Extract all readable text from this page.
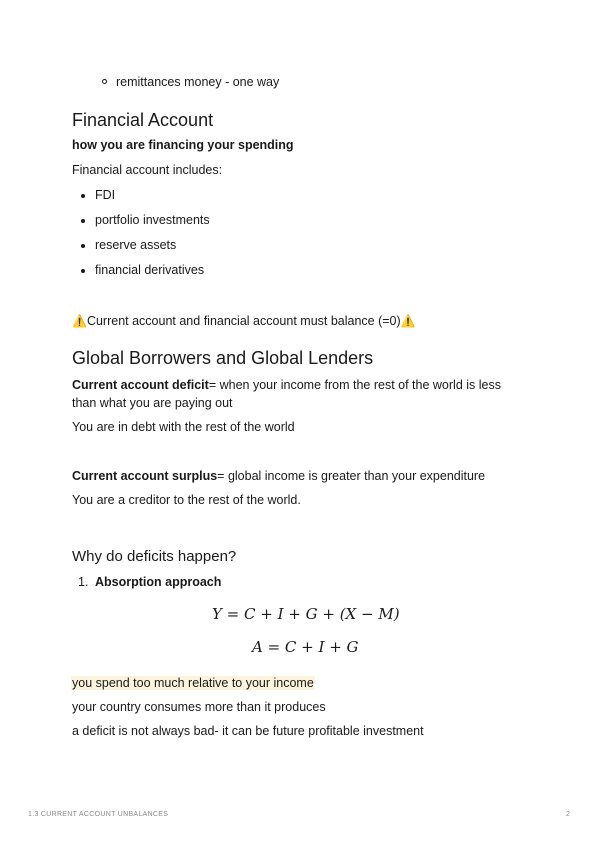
remittances money - one way
Financial Account
how you are financing your spending
Financial account includes:
FDI
portfolio investments
reserve assets
financial derivatives
⚠️Current account and financial account must balance (=0)⚠️
Global Borrowers and Global Lenders
Current account deficit= when your income from the rest of the world is less
than what you are paying out
You are in debt with the rest of the world
Current account surplus= global income is greater than your expenditure
You are a creditor to the rest of the world.
Why do deficits happen?
1. Absorption approach
Y = C + I + G + (X − M)
A = C + I + G
you spend too much relative to your income
your country consumes more than it produces
a deficit is not always bad- it can be future profitable investment
1.3 CURRENT ACCOUNT UNBALANCES	2
